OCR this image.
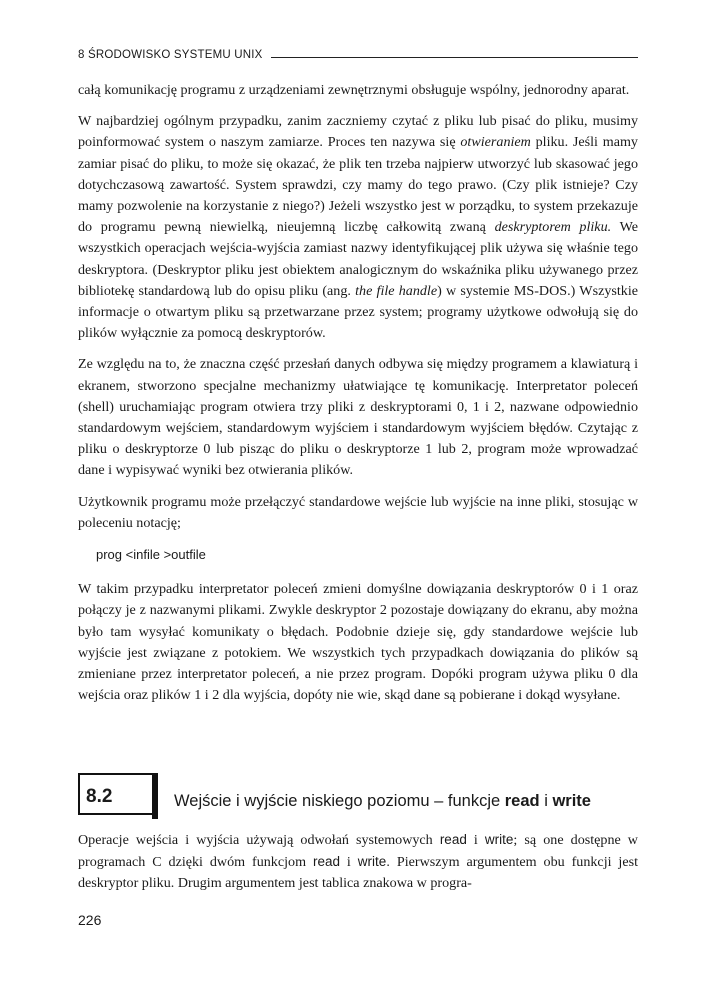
8 ŚRODOWISKO SYSTEMU UNIX

całą komunikację programu z urządzeniami zewnętrznymi obsługuje wspólny, jednorodny aparat.

W najbardziej ogólnym przypadku, zanim zaczniemy czytać z pliku lub pisać do pliku, musimy poinformować system o naszym zamiarze. Proces ten nazywa się otwieraniem pliku. Jeśli mamy zamiar pisać do pliku, to może się okazać, że plik ten trzeba najpierw utworzyć lub skasować jego dotychczasową zawartość. System sprawdzi, czy mamy do tego prawo. (Czy plik istnieje? Czy mamy pozwolenie na korzystanie z niego?) Jeżeli wszystko jest w porządku, to system przekazuje do programu pewną niewielką, nieujemną liczbę całkowitą zwaną deskryptorem pliku. We wszystkich operacjach wejścia-wyjścia zamiast nazwy identyfikującej plik używa się właśnie tego deskryptora. (Deskryptor pliku jest obiektem analogicznym do wskaźnika pliku używanego przez bibliotekę standardową lub do opisu pliku (ang. the file handle) w systemie MS-DOS.) Wszystkie informacje o otwartym pliku są przetwarzane przez system; programy użytkowe odwołują się do plików wyłącznie za pomocą deskryptorów.

Ze względu na to, że znaczna część przesłań danych odbywa się między programem a klawiaturą i ekranem, stworzono specjalne mechanizmy ułatwiające tę komunikację. Interpretator poleceń (shell) uruchamiając program otwiera trzy pliki z deskryptorami 0, 1 i 2, nazwane odpowiednio standardowym wejściem, standardowym wyjściem i standardowym wyjściem błędów. Czytając z pliku o deskryptorze 0 lub pisząc do pliku o deskryptorze 1 lub 2, program może wprowadzać dane i wypisywać wyniki bez otwierania plików.

Użytkownik programu może przełączyć standardowe wejście lub wyjście na inne pliki, stosując w poleceniu notację;

prog <infile >outfile

W takim przypadku interpretator poleceń zmieni domyślne dowiązania deskryptorów 0 i 1 oraz połączy je z nazwanymi plikami. Zwykle deskryptor 2 pozostaje dowiązany do ekranu, aby można było tam wysyłać komunikaty o błędach. Podobnie dzieje się, gdy standardowe wejście lub wyjście jest związane z potokiem. We wszystkich tych przypadkach dowiązania do plików są zmieniane przez interpretator poleceń, a nie przez program. Dopóki program używa pliku 0 dla wejścia oraz plików 1 i 2 dla wyjścia, dopóty nie wie, skąd dane są pobierane i dokąd wysyłane.

8.2	Wejście i wyjście niskiego poziomu – funkcje read i write

Operacje wejścia i wyjścia używają odwołań systemowych read i write; są one dostępne w programach C dzięki dwóm funkcjom read i write. Pierwszym argumentem obu funkcji jest deskryptor pliku. Drugim argumentem jest tablica znakowa w progra-

226
